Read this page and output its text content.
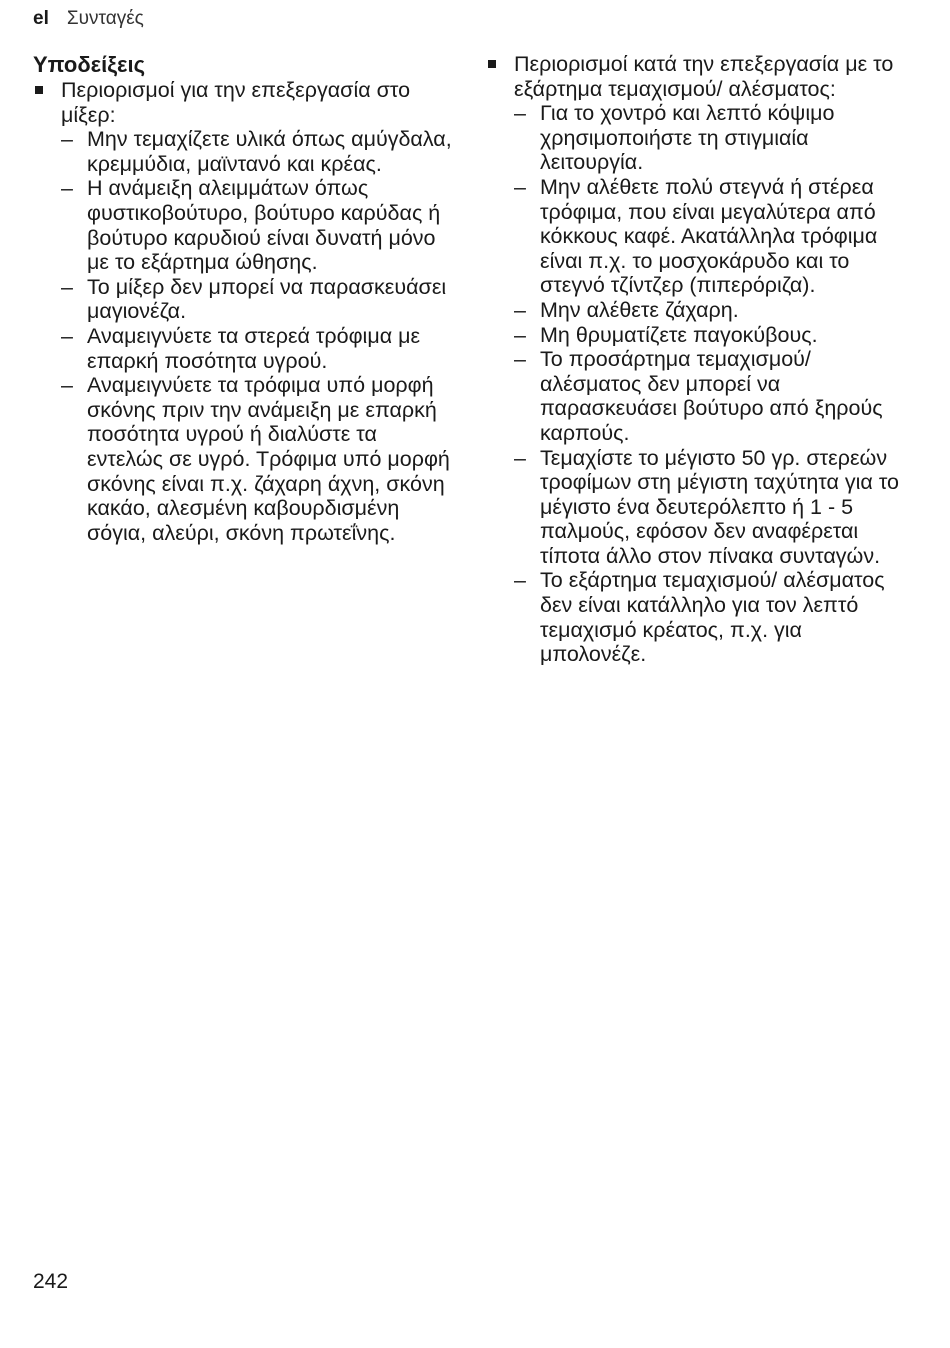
el Συνταγές
Υποδείξεις
Περιορισμοί για την επεξεργασία στο μίξερ:
– Μην τεμαχίζετε υλικά όπως αμύγδαλα, κρεμμύδια, μαϊντανό και κρέας.
– Η ανάμειξη αλειμμάτων όπως φυστικοβούτυρο, βούτυρο καρύδας ή βούτυρο καρυδιού είναι δυνατή μόνο με το εξάρτημα ώθησης.
– Το μίξερ δεν μπορεί να παρασκευάσει μαγιονέζα.
– Αναμειγνύετε τα στερεά τρόφιμα με επαρκή ποσότητα υγρού.
– Αναμειγνύετε τα τρόφιμα υπό μορφή σκόνης πριν την ανάμειξη με επαρκή ποσότητα υγρού ή διαλύστε τα εντελώς σε υγρό. Τρόφιμα υπό μορφή σκόνης είναι π.χ. ζάχαρη άχνη, σκόνη κακάο, αλεσμένη καβουρδισμένη σόγια, αλεύρι, σκόνη πρωτεΐνης.
Περιορισμοί κατά την επεξεργασία με το εξάρτημα τεμαχισμού/ αλέσματος:
– Για το χοντρό και λεπτό κόψιμο χρησιμοποιήστε τη στιγμιαία λειτουργία.
– Μην αλέθετε πολύ στεγνά ή στέρεα τρόφιμα, που είναι μεγαλύτερα από κόκκους καφέ. Ακατάλληλα τρόφιμα είναι π.χ. το μοσχοκάρυδο και το στεγνό τζίντζερ (πιπερόριζα).
– Μην αλέθετε ζάχαρη.
– Μη θρυματίζετε παγοκύβους.
– Το προσάρτημα τεμαχισμού/ αλέσματος δεν μπορεί να παρασκευάσει βούτυρο από ξηρούς καρπούς.
– Τεμαχίστε το μέγιστο 50 γρ. στερεών τροφίμων στη μέγιστη ταχύτητα για το μέγιστο ένα δευτερόλεπτο ή 1 - 5 παλμούς, εφόσον δεν αναφέρεται τίποτα άλλο στον πίνακα συνταγών.
– Το εξάρτημα τεμαχισμού/ αλέσματος δεν είναι κατάλληλο για τον λεπτό τεμαχισμό κρέατος, π.χ. για μπολονέζε.
242
